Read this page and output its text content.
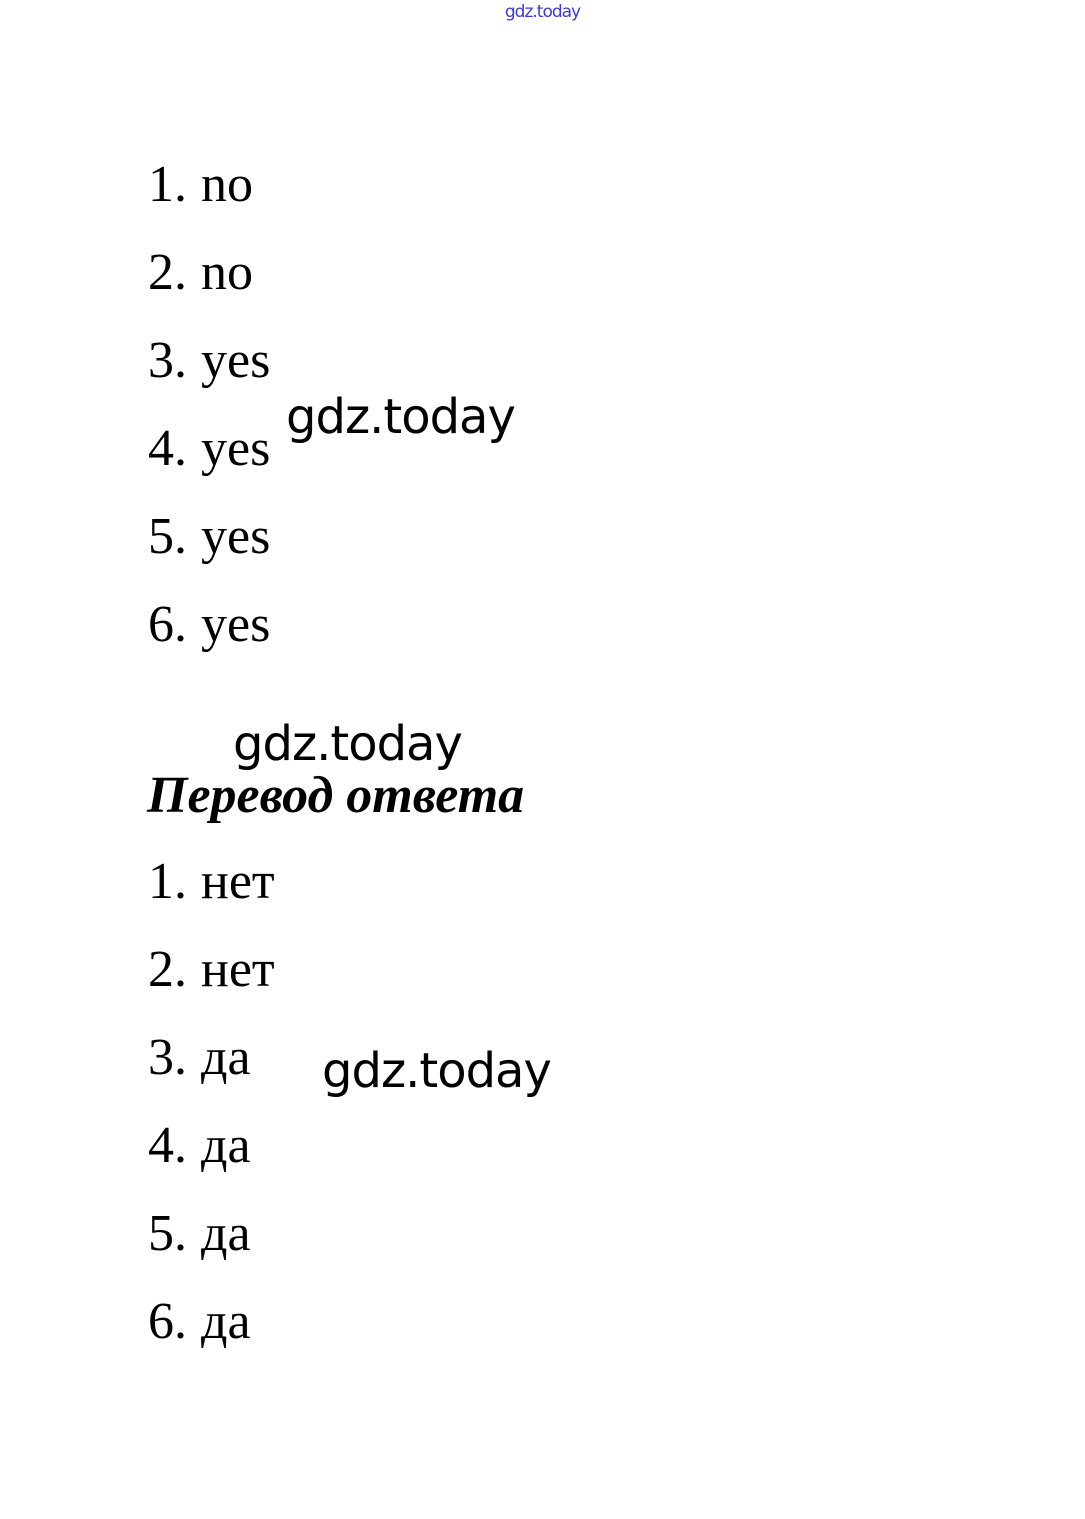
gdz.today
1. no
2. no
3. yes
4. yes
5. yes
6. yes
gdz.today
gdz.today
Перевод ответа
1. нет
2. нет
3. да
4. да
5. да
6. да
gdz.today
